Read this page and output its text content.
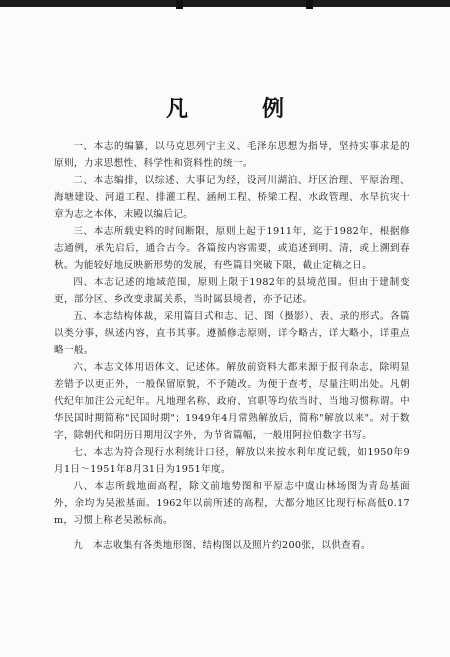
凡　例

一、本志的编纂，以马克思列宁主义、毛泽东思想为指导，坚持实事求是的原则，力求思想性、科学性和资料性的统一。

二、本志编排，以综述、大事记为经，设河川湖泊、圩区治理、平原治理、海塘建设、河道工程、排灌工程、涵闸工程、桥梁工程、水政管理、水旱抗灾十章为志之本体，末殿以编后记。

三、本志所载史料的时间断限，原则上起于1911年，迄于1982年，根据修志通例，承先启后，通合古今。各篇按内容需要，或追述到明、清，或上溯到春秋。为能较好地反映新形势的发展，有些篇目突破下限，截止定稿之日。

四、本志记述的地域范围，原则上限于1982年的县境范围。但由于建制变更，部分区、乡改变隶属关系，当时属县境者，亦予记述。

五、本志结构体裁，采用篇目式和志、记、图（摄影）、表、录的形式。各篇以类分事，纵述内容，直书其事。遵循修志原则，详今略古，详大略小，详重点略一般。

六、本志文体用语体文、记述体。解放前资料大都来源于报刊杂志，除明显差错予以更正外，一般保留原貌，不予随改。为便于查考，尽量注明出处。凡朝代纪年加注公元纪年。凡地理名称、政府、官职等均依当时、当地习惯称谓。中华民国时期简称"民国时期"；1949年4月常熟解放后，简称"解放以来"。对于数字，除朝代和阴历日期用汉字外，为节省篇幅，一般用阿拉伯数字书写。

七、本志为符合现行水利统计口径，解放以来按水利年度记载，如1950年9月1日～1951年8月31日为1951年度。

八、本志所载地面高程，除文前地势图和平原志中虞山林场图为青岛基面外，余均为吴淞基面。1962年以前所述的高程，大都分地区比现行标高低0.17m，习惯上称老吴淞标高。

九　本志收集有各类地形图、结构图以及照片约200张，以供查看。
